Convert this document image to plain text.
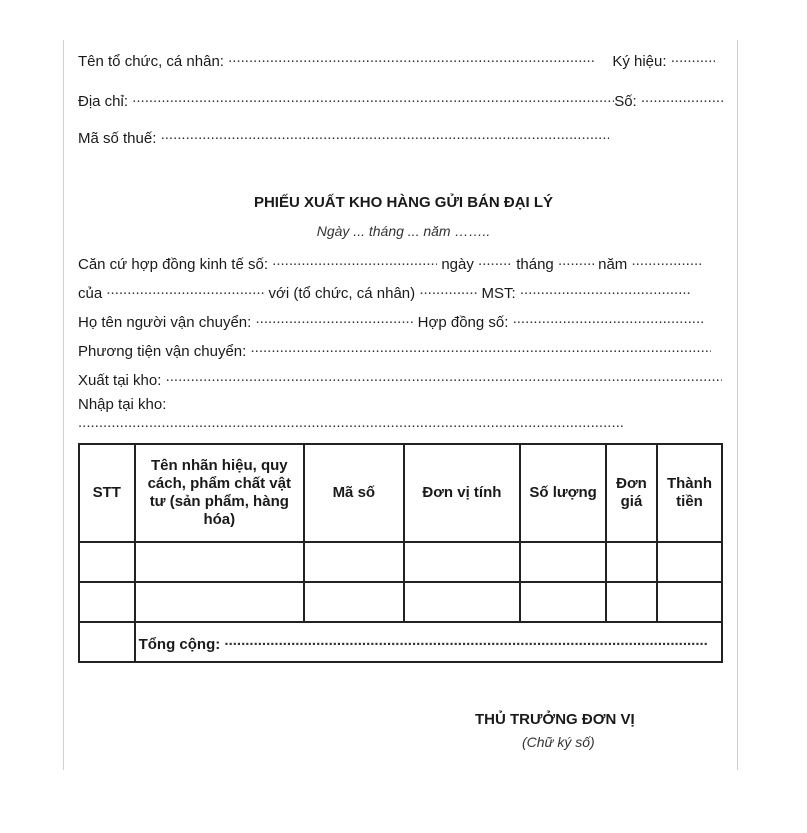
Tên tổ chức, cá nhân: .....	Ký hiệu: .....
Địa chỉ: .....	Số: .....
Mã số thuế: .....
PHIẾU XUẤT KHO HÀNG GỬI BÁN ĐẠI LÝ
Ngày ... tháng ... năm ……..
Căn cứ hợp đồng kinh tế số: .....	ngày .....	tháng .....	năm .....
của .....	với (tổ chức, cá nhân) .....	MST: .....
Họ tên người vận chuyển: .....	Hợp đồng số: .....
Phương tiện vận chuyển: .....
Xuất tại kho: .....
Nhập tại kho:
.....
STT	Tên nhãn hiệu, quy cách, phẩm chất vật tư (sản phẩm, hàng hóa)	Mã số	Đơn vị tính	Số lượng	Đơn giá	Thành tiền

	Tổng cộng: .....
THỦ TRƯỞNG ĐƠN VỊ
(Chữ ký số)
